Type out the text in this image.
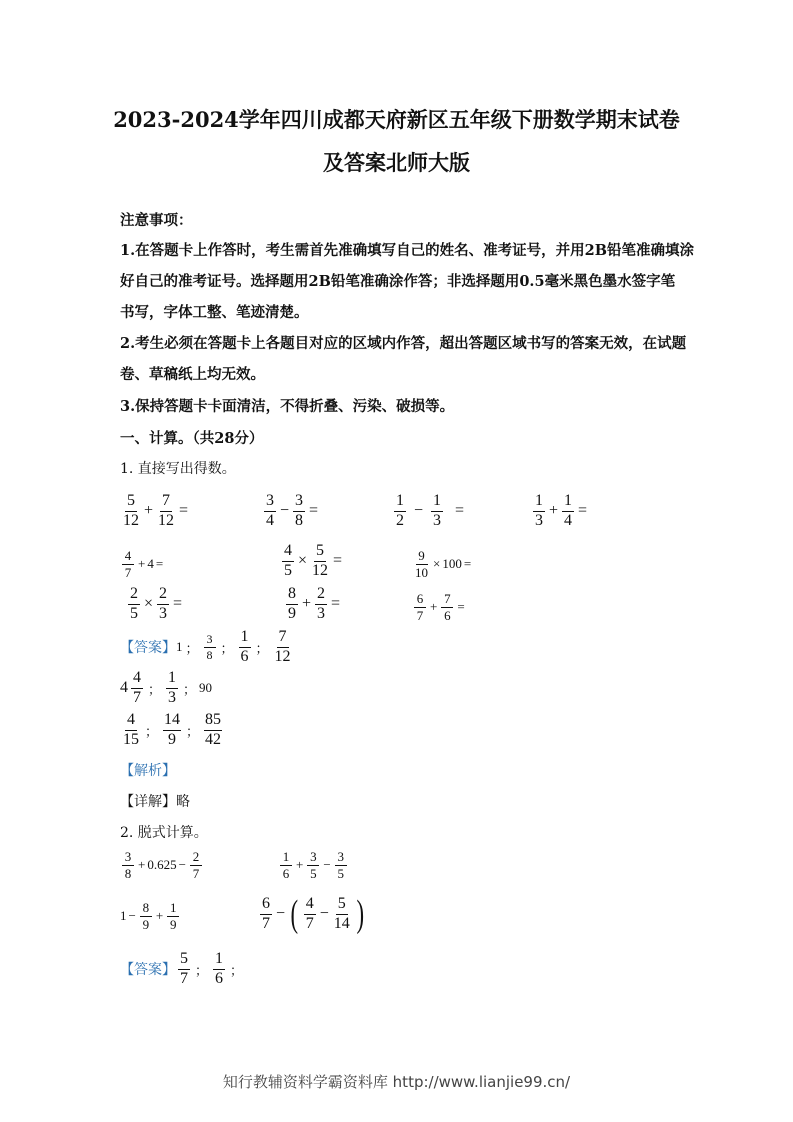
2023-2024学年四川成都天府新区五年级下册数学期末试卷
及答案北师大版
注意事项：
1.在答题卡上作答时，考生需首先准确填写自己的姓名、准考证号，并用2B铅笔准确填涂
好自己的准考证号。选择题用2B铅笔准确涂作答；非选择题用0.5毫米黑色墨水签字笔
书写，字体工整、笔迹清楚。
2.考生必须在答题卡上各题目对应的区域内作答，超出答题区域书写的答案无效，在试题
卷、草稿纸上均无效。
3.保持答题卡卡面清洁，不得折叠、污染、破损等。
一、计算。（共28分）
1. 直接写出得数。
$\frac{5}{12} + \frac{7}{12}$ =	$\frac{3}{4} - \frac{3}{8}$ =	$\frac{1}{2} - \frac{1}{3}$ =	$\frac{1}{3} + \frac{1}{4}$ =
$\frac{4}{7} + 4$ =	$\frac{4}{5} \times \frac{5}{12}$ =	$\frac{9}{10} \times 100$ =
$\frac{2}{5} \times \frac{2}{3}$ =	$\frac{8}{9} + \frac{2}{3}$ =	$\frac{6}{7} + \frac{7}{6}$ =
【答案】 1 ； $\frac{3}{8}$ ； $\frac{1}{6}$ ； $\frac{7}{12}$
$4 \frac{4}{7}$ ； $\frac{1}{3}$ ； 90
$\frac{4}{15}$ ； $\frac{14}{9}$ ； $\frac{85}{42}$
【解析】
【详解】略
2. 脱式计算。
$\frac{3}{8} + 0.625 - \frac{2}{7}$	$\frac{1}{6} + \frac{3}{5} - \frac{3}{5}$
$1 - \frac{8}{9} + \frac{1}{9}$	$\frac{6}{7}$ − ( $\frac{4}{7} - \frac{5}{14}$ )
【答案】 $\frac{5}{7}$ ； $\frac{1}{6}$ ；
知行教辅资料学霸资料库 http://www.lianjie99.cn/
